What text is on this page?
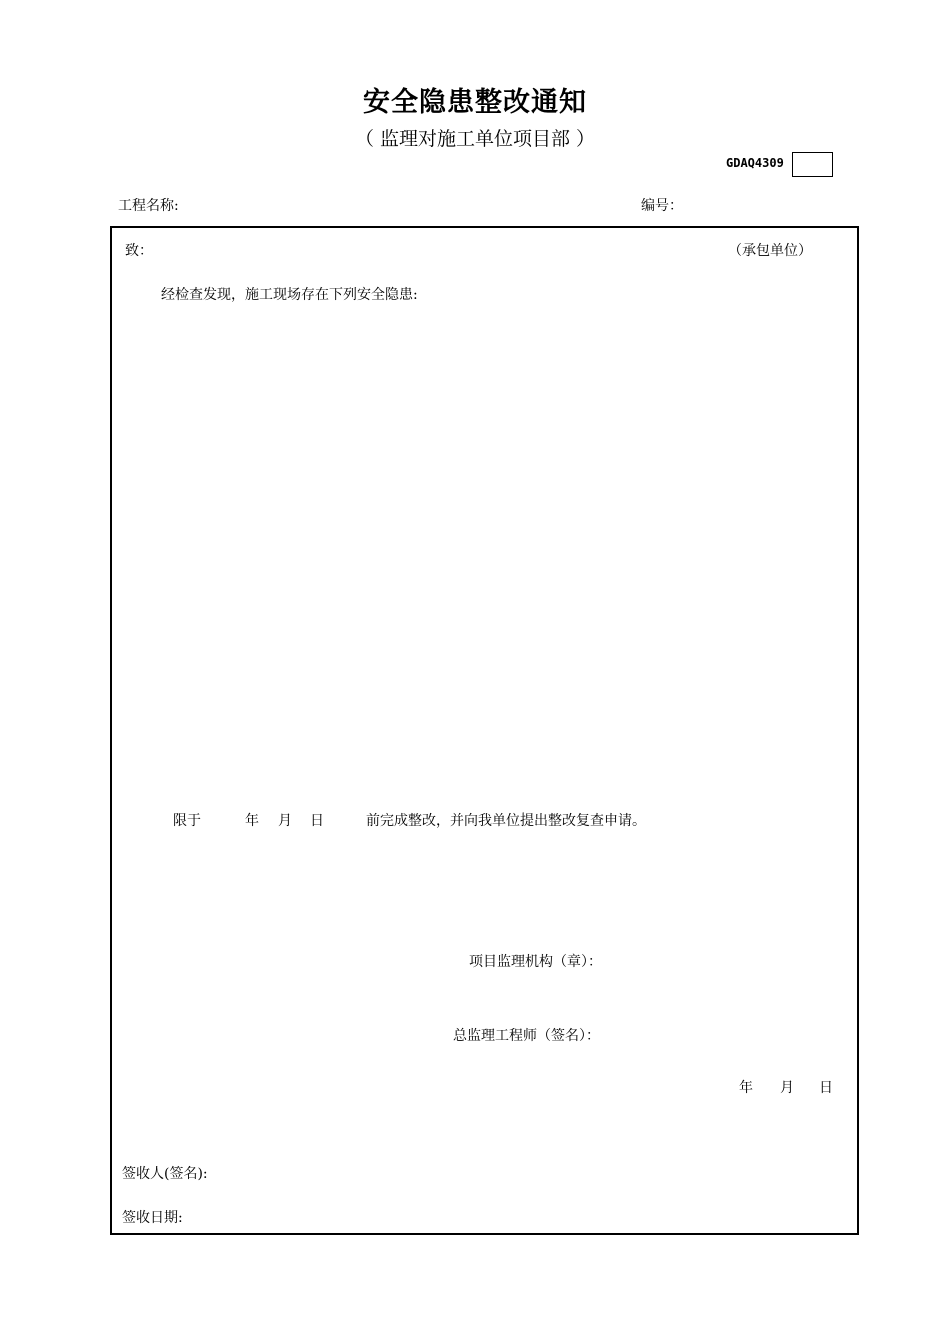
安全隐患整改通知
（ 监理对施工单位项目部 ）
GDAQ4309
工程名称:	编号：
致：	（承包单位）
经检查发现，施工现场存在下列安全隐患:
限于	年 月 日	前完成整改，并向我单位提出整改复查申请。
项目监理机构（章）：
总监理工程师（签名）：
年 月 日
签收人(签名):
签收日期:
